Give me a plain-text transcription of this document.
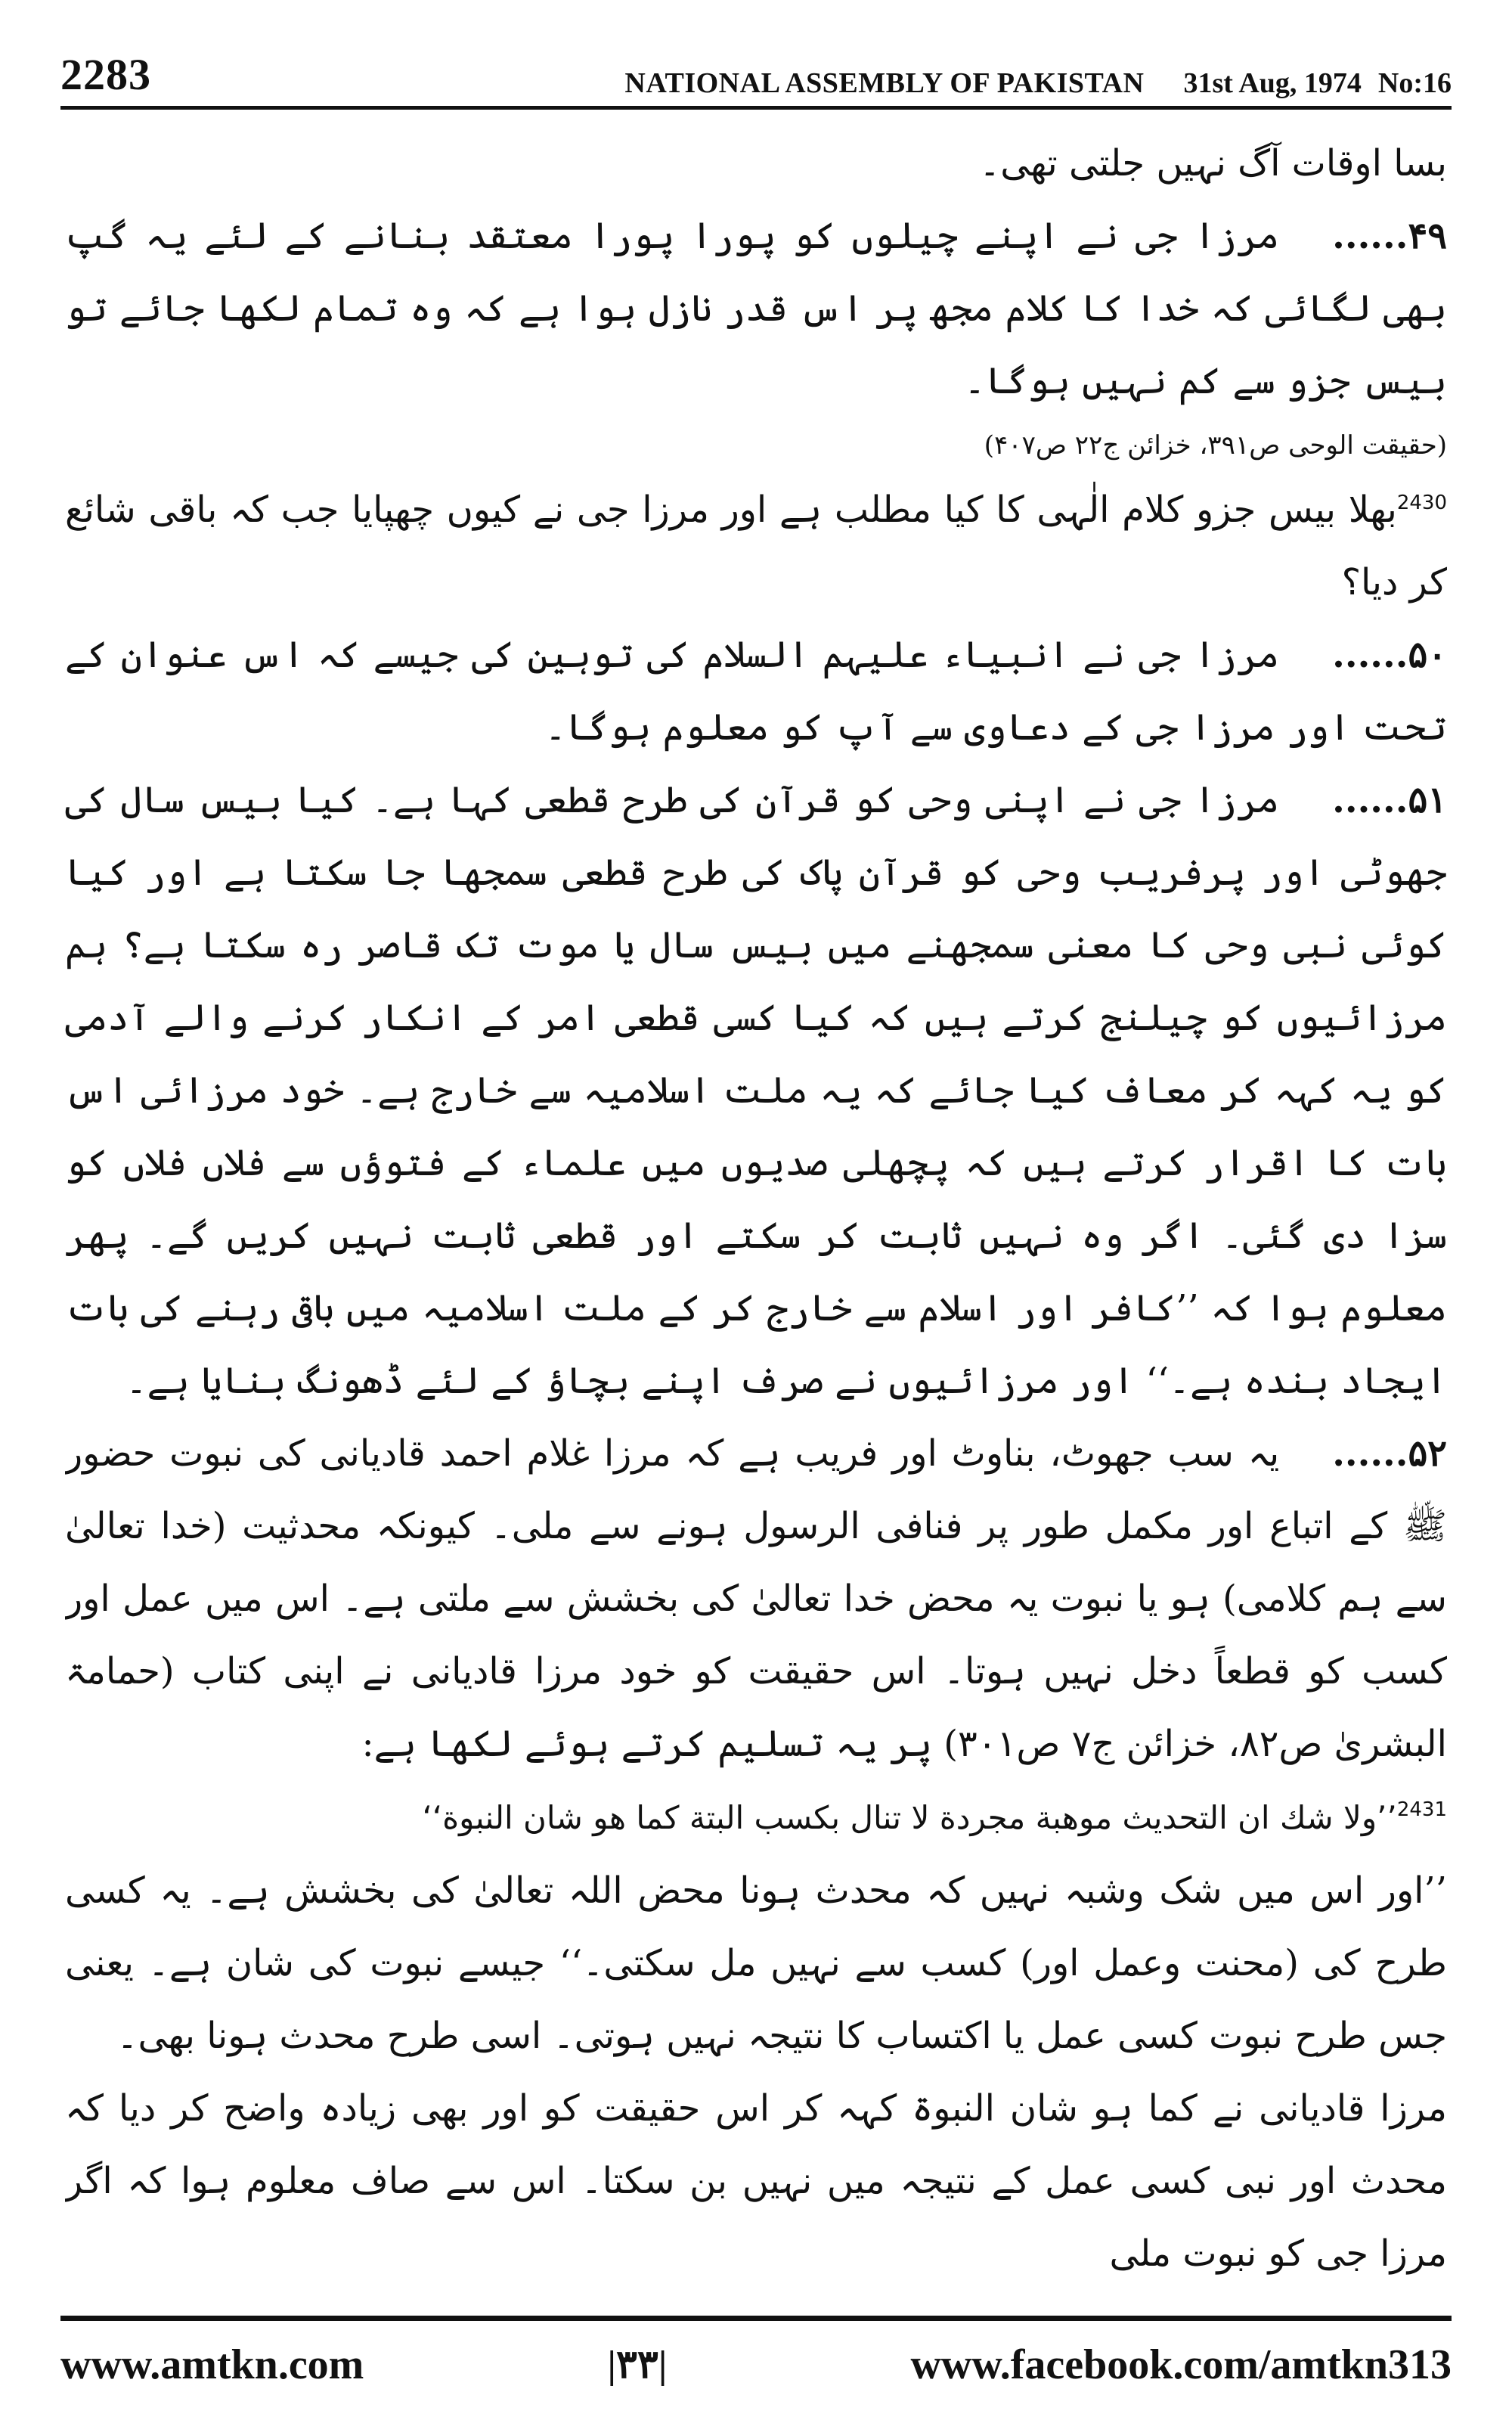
2283	NATIONAL ASSEMBLY OF PAKISTAN 31st Aug, 1974 No:16

بسا اوقات آگ نہیں جلتی تھی۔

۴۹......مرزا جی نے اپنے چیلوں کو پورا پورا معتقد بنانے کے لئے یہ گپ بھی لگائی کہ خدا کا کلام مجھ پر اس قدر نازل ہوا ہے کہ وہ تمام لکھا جائے تو بیس جزو سے کم نہیں ہوگا۔

(حقیقت الوحی ص۳۹۱، خزائن ج۲۲ ص۴۰۷)

$^{2430}$بھلا بیس جزو کلام الٰہی کا کیا مطلب ہے اور مرزا جی نے کیوں چھپایا جب کہ باقی شائع کر دیا؟

۵۰......مرزا جی نے انبیاء علیہم السلام کی توہین کی جیسے کہ اس عنوان کے تحت اور مرزا جی کے دعاوی سے آپ کو معلوم ہوگا۔

۵۱......مرزا جی نے اپنی وحی کو قرآن کی طرح قطعی کہا ہے۔ کیا بیس سال کی جھوٹی اور پرفریب وحی کو قرآن پاک کی طرح قطعی سمجھا جا سکتا ہے اور کیا کوئی نبی وحی کا معنی سمجھنے میں بیس سال یا موت تک قاصر رہ سکتا ہے؟ ہم مرزائیوں کو چیلنج کرتے ہیں کہ کیا کسی قطعی امر کے انکار کرنے والے آدمی کو یہ کہہ کر معاف کیا جائے کہ یہ ملت اسلامیہ سے خارج ہے۔ خود مرزائی اس بات کا اقرار کرتے ہیں کہ پچھلی صدیوں میں علماء کے فتوؤں سے فلاں فلاں کو سزا دی گئی۔ اگر وہ نہیں ثابت کر سکتے اور قطعی ثابت نہیں کریں گے۔ پھر معلوم ہوا کہ ’’کافر اور اسلام سے خارج کر کے ملت اسلامیہ میں باقی رہنے کی بات ایجاد بندہ ہے۔‘‘ اور مرزائیوں نے صرف اپنے بچاؤ کے لئے ڈھونگ بنایا ہے۔

۵۲......یہ سب جھوٹ، بناوٹ اور فریب ہے کہ مرزا غلام احمد قادیانی کی نبوت حضور ﷺ کے اتباع اور مکمل طور پر فنافی الرسول ہونے سے ملی۔ کیونکہ محدثیت (خدا تعالیٰ سے ہم کلامی) ہو یا نبوت یہ محض خدا تعالیٰ کی بخشش سے ملتی ہے۔ اس میں عمل اور کسب کو قطعاً دخل نہیں ہوتا۔ اس حقیقت کو خود مرزا قادیانی نے اپنی کتاب (حمامۃ البشریٰ ص۸۲، خزائن ج۷ ص۳۰۱) پر یہ تسلیم کرتے ہوئے لکھا ہے:

$^{2431}$’’ولا شك ان التحديث موهبة مجردة لا تنال بكسب البتة كما هو شان النبوة‘‘

’’اور اس میں شک وشبہ نہیں کہ محدث ہونا محض اللہ تعالیٰ کی بخشش ہے۔ یہ کسی طرح کی (محنت وعمل اور) کسب سے نہیں مل سکتی۔‘‘ جیسے نبوت کی شان ہے۔ یعنی جس طرح نبوت کسی عمل یا اکتساب کا نتیجہ نہیں ہوتی۔ اسی طرح محدث ہونا بھی۔

مرزا قادیانی نے کما ہو شان النبوۃ کہہ کر اس حقیقت کو اور بھی زیادہ واضح کر دیا کہ محدث اور نبی کسی عمل کے نتیجہ میں نہیں بن سکتا۔ اس سے صاف معلوم ہوا کہ اگر مرزا جی کو نبوت ملی

www.amtkn.com	|۳۳|	www.facebook.com/amtkn313
